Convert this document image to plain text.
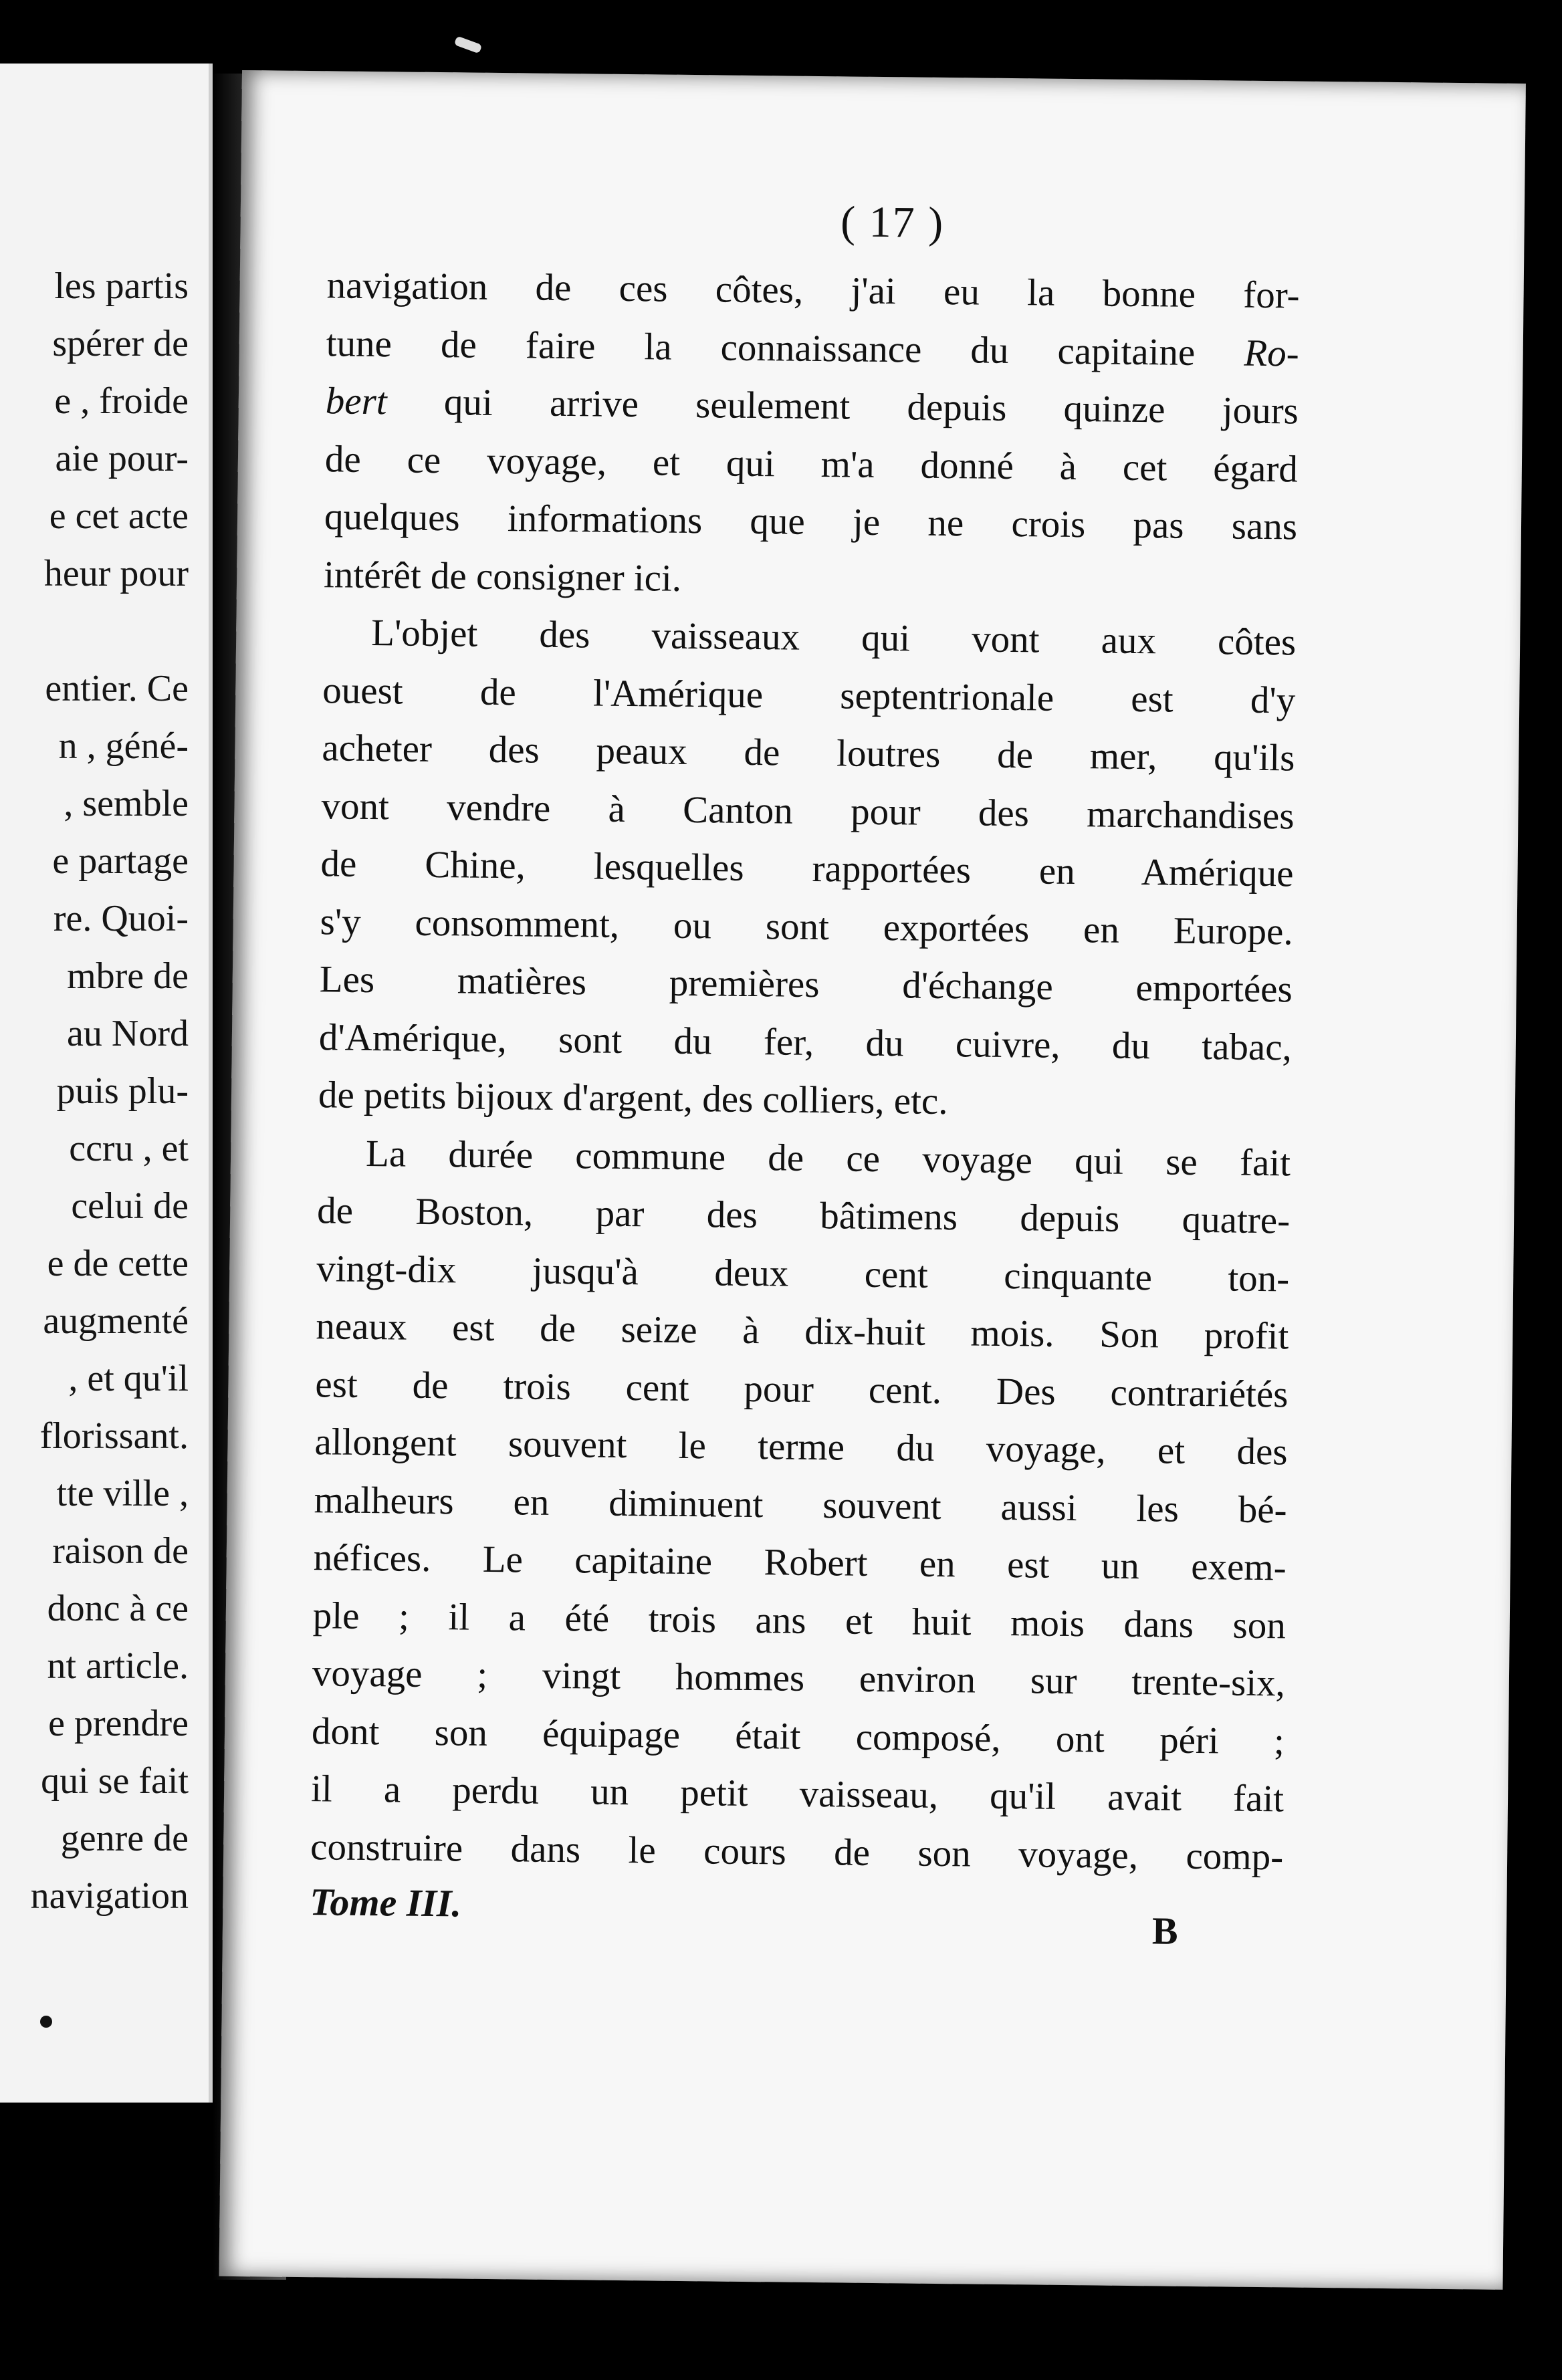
les partis
spérer de
e , froide
aie pour-
e cet acte
heur pour

entier. Ce
n , géné-
, semble
e partage
re. Quoi-
mbre de
au Nord
puis plu-
ccru , et
celui de
e de cette
augmenté
, et qu'il
florissant.
tte ville ,
raison de
donc à ce
nt article.
e prendre
qui se fait
genre de
navigation

( 17 )

navigation de ces côtes, j'ai eu la bonne for-
tune de faire la connaissance du capitaine Ro-
bert qui arrive seulement depuis quinze jours
de ce voyage, et qui m'a donné à cet égard
quelques informations que je ne crois pas sans
intérêt de consigner ici.
L'objet des vaisseaux qui vont aux côtes
ouest de l'Amérique septentrionale est d'y
acheter des peaux de loutres de mer, qu'ils
vont vendre à Canton pour des marchandises
de Chine, lesquelles rapportées en Amérique
s'y consomment, ou sont exportées en Europe.
Les matières premières d'échange emportées
d'Amérique, sont du fer, du cuivre, du tabac,
de petits bijoux d'argent, des colliers, etc.
La durée commune de ce voyage qui se fait
de Boston, par des bâtimens depuis quatre-
vingt-dix jusqu'à deux cent cinquante ton-
neaux est de seize à dix-huit mois. Son profit
est de trois cent pour cent. Des contrariétés
allongent souvent le terme du voyage, et des
malheurs en diminuent souvent aussi les bé-
néfices. Le capitaine Robert en est un exem-
ple ; il a été trois ans et huit mois dans son
voyage ; vingt hommes environ sur trente-six,
dont son équipage était composé, ont péri ;
il a perdu un petit vaisseau, qu'il avait fait
construire dans le cours de son voyage, comp-

Tome III.

B
